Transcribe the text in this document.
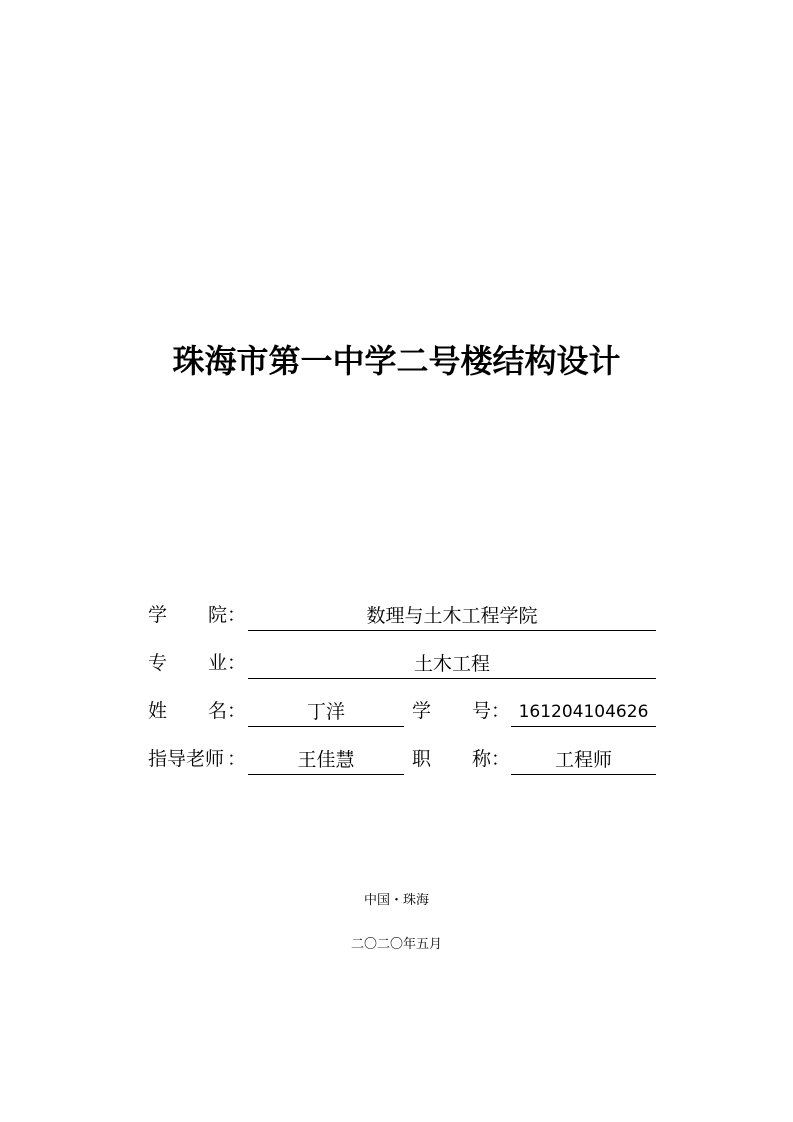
珠海市第一中学二号楼结构设计
学 院 ：	数理与土木工程学院
专 业 ：	土木工程
姓 名 ：	丁洋	学 号 ： 161204104626
指导老师 ：	王佳慧	职 称 ：	工程师
中国・珠海
二〇二〇年五月
